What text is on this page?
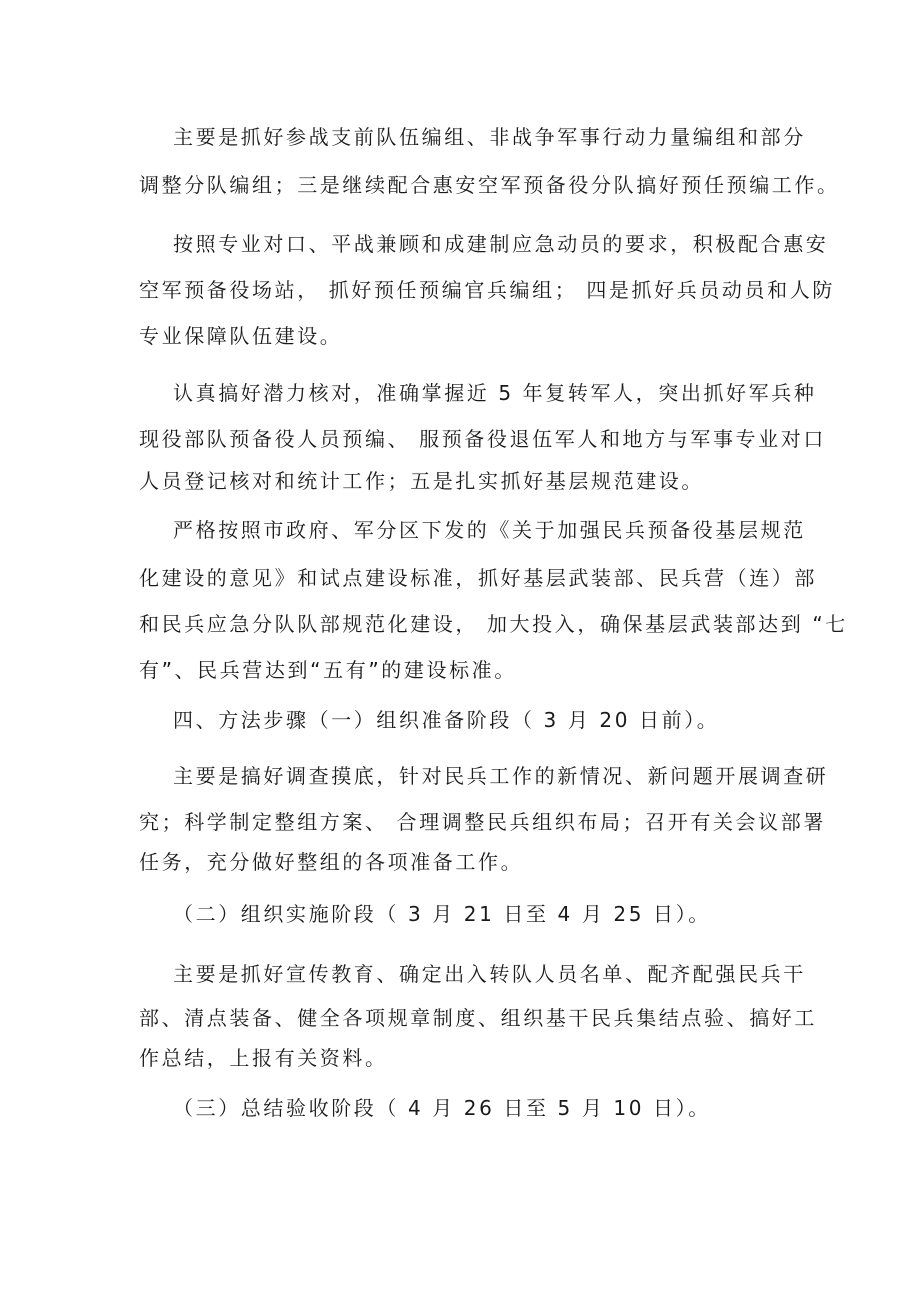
主要是抓好参战支前队伍编组、非战争军事行动力量编组和部分
调整分队编组；三是继续配合惠安空军预备役分队搞好预任预编工作。
按照专业对口、平战兼顾和成建制应急动员的要求，积极配合惠安
空军预备役场站， 抓好预任预编官兵编组； 四是抓好兵员动员和人防
专业保障队伍建设。
认真搞好潜力核对，准确掌握近 5 年复转军人，突出抓好军兵种
现役部队预备役人员预编、 服预备役退伍军人和地方与军事专业对口
人员登记核对和统计工作；五是扎实抓好基层规范建设。
严格按照市政府、军分区下发的《关于加强民兵预备役基层规范
化建设的意见》和试点建设标准，抓好基层武装部、民兵营（连）部
和民兵应急分队队部规范化建设， 加大投入，确保基层武装部达到 “七
有”、民兵营达到“五有”的建设标准。
四、方法步骤（一）组织准备阶段（ 3 月 20 日前）。
主要是搞好调查摸底，针对民兵工作的新情况、新问题开展调查研
究；科学制定整组方案、 合理调整民兵组织布局；召开有关会议部署
任务，充分做好整组的各项准备工作。
（二）组织实施阶段（ 3 月 21 日至 4 月 25 日）。
主要是抓好宣传教育、确定出入转队人员名单、配齐配强民兵干
部、清点装备、健全各项规章制度、组织基干民兵集结点验、搞好工
作总结，上报有关资料。
（三）总结验收阶段（ 4 月 26 日至 5 月 10 日）。
